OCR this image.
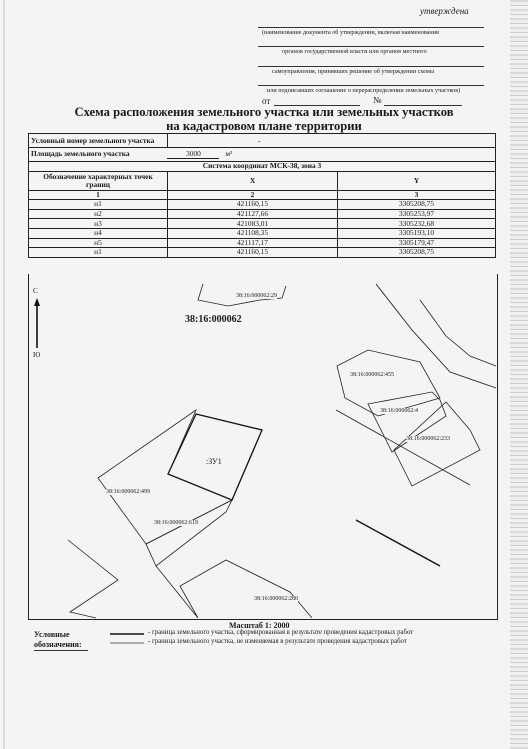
утверждена
(наименование документа об утверждении, включая наименования
органов государственной власти или органов местного
самоуправления, принявших решение об утверждении схемы
или подписавших соглашение о перераспределении земельных участков)
от	№
Схема расположения земельного участка или земельных участков
на кадастровом плане территории
Условный номер земельного участка	-	
Площадь земельного участка 3000 м²		
Система координат МСК-38, зона 3		
Обозначение характерных точек границ	X	Y
1	2	3
н1	421160,15	3305208,75
н2	421127,66	3305253,97
н3	421083,01	3305232,68
н4	421108,35	3305193,10
н5	421117,17	3305179,47
н1	421160,15	3305208,75
С
Ю
38:16:000062
38:16:000062:29
38:16:000062:455
38:16:000062:4
38:16:000062:233
:ЗУ1
38:16:000062:499
38:16:000062:619
38:16:000062:280
Масштаб 1: 2000
Условные
обозначения:
- граница земельного участка, сформированная в результате проведения кадастровых работ
- граница земельного участка, не изменяемая в результате проведения кадастровых работ
